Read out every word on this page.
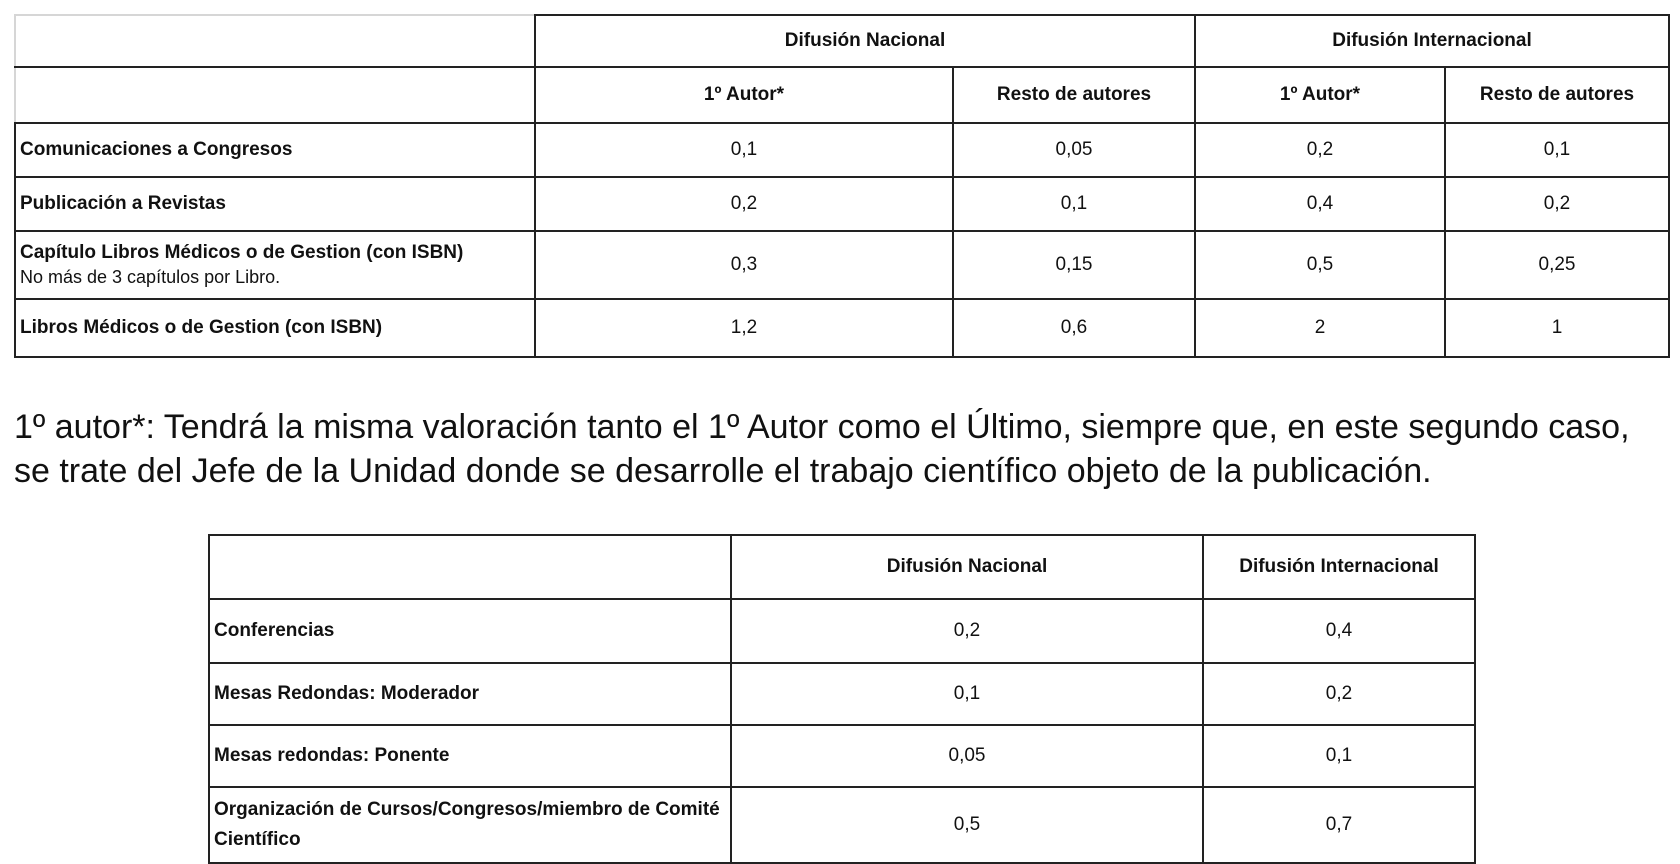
	Difusión Nacional		Difusión Internacional	
	1º Autor*	Resto de autores	1º Autor*	Resto de autores
Comunicaciones a Congresos	0,1	0,05	0,2	0,1
Publicación a Revistas	0,2	0,1	0,4	0,2
Capítulo Libros Médicos o de Gestion (con ISBN)
No más de 3 capítulos por Libro.	0,3	0,15	0,5	0,25
Libros Médicos o de Gestion (con ISBN)	1,2	0,6	2	1

1º autor*: Tendrá la misma valoración tanto el 1º Autor como el Último, siempre que, en este segundo caso, se trate del Jefe de la Unidad donde se desarrolle el trabajo científico objeto de la publicación.

	Difusión Nacional	Difusión Internacional
Conferencias	0,2	0,4
Mesas Redondas: Moderador	0,1	0,2
Mesas redondas: Ponente	0,05	0,1
Organización de Cursos/Congresos/miembro de Comité Científico	0,5	0,7
